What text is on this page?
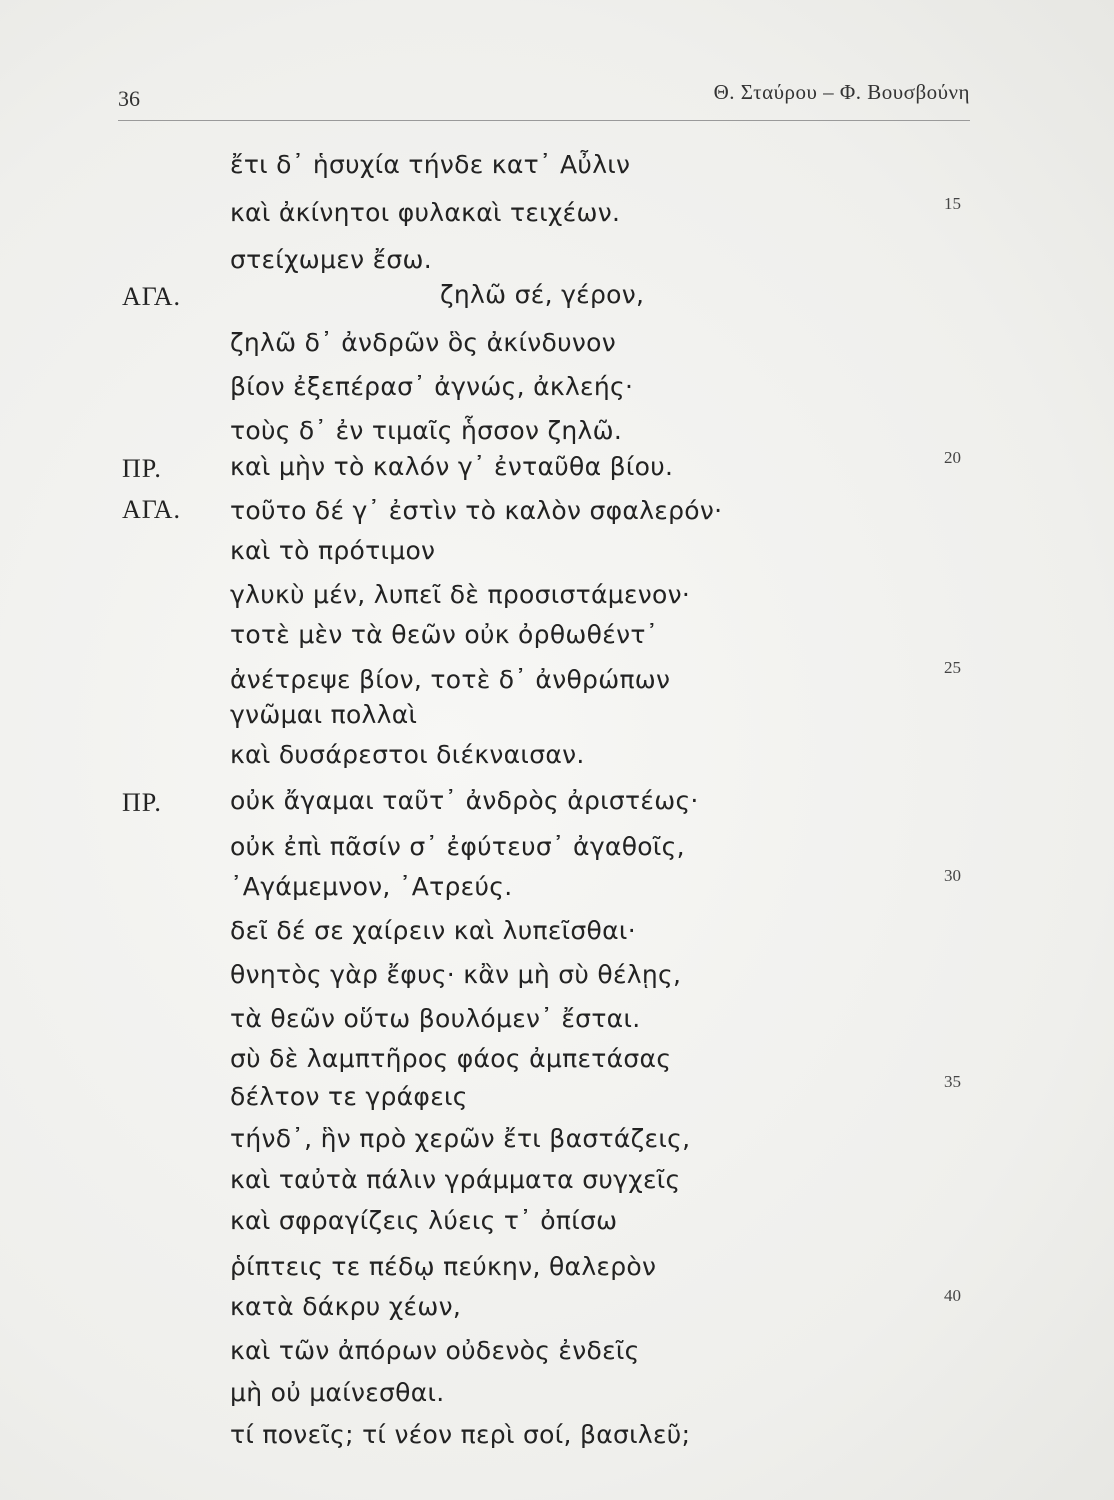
36	Θ. Σταύρου – Φ. Βουσβούνη
ἔτι δ᾽ ἡσυχία τήνδε κατ᾽ Αὖλιν
καὶ ἀκίνητοι φυλακαὶ τειχέων.
στείχωμεν ἔσω.
ζηλῶ σέ, γέρον,
ζηλῶ δ᾽ ἀνδρῶν ὃς ἀκίνδυνον
βίον ἐξεπέρασ᾽ ἀγνώς, ἀκλεής·
τοὺς δ᾽ ἐν τιμαῖς ἧσσον ζηλῶ.
καὶ μὴν τὸ καλόν γ᾽ ἐνταῦθα βίου.
τοῦτο δέ γ᾽ ἐστὶν τὸ καλὸν σφαλερόν·
καὶ τὸ πρότιμον
γλυκὺ μέν, λυπεῖ δὲ προσιστάμενον·
τοτὲ μὲν τὰ θεῶν οὐκ ὀρθωθέντ᾽
ἀνέτρεψε βίον, τοτὲ δ᾽ ἀνθρώπων
γνῶμαι πολλαὶ
καὶ δυσάρεστοι διέκναισαν.
οὐκ ἄγαμαι ταῦτ᾽ ἀνδρὸς ἀριστέως·
οὐκ ἐπὶ πᾶσίν σ᾽ ἐφύτευσ᾽ ἀγαθοῖς,
᾽Αγάμεμνον, ᾽Ατρεύς.
δεῖ δέ σε χαίρειν καὶ λυπεῖσθαι·
θνητὸς γὰρ ἔφυς· κἂν μὴ σὺ θέλῃς,
τὰ θεῶν οὕτω βουλόμεν᾽ ἔσται.
σὺ δὲ λαμπτῆρος φάος ἀμπετάσας
δέλτον τε γράφεις
τήνδ᾽, ἣν πρὸ χερῶν ἔτι βαστάζεις,
καὶ ταὐτὰ πάλιν γράμματα συγχεῖς
καὶ σφραγίζεις λύεις τ᾽ ὀπίσω
ῥίπτεις τε πέδῳ πεύκην, θαλερὸν
κατὰ δάκρυ χέων,
καὶ τῶν ἀπόρων οὐδενὸς ἐνδεῖς
μὴ οὐ μαίνεσθαι.
τί πονεῖς; τί νέον περὶ σοί, βασιλεῦ;
ΑΓΑ.
ΠΡ.
ΑΓΑ.
ΠΡ.
15
20
25
30
35
40
